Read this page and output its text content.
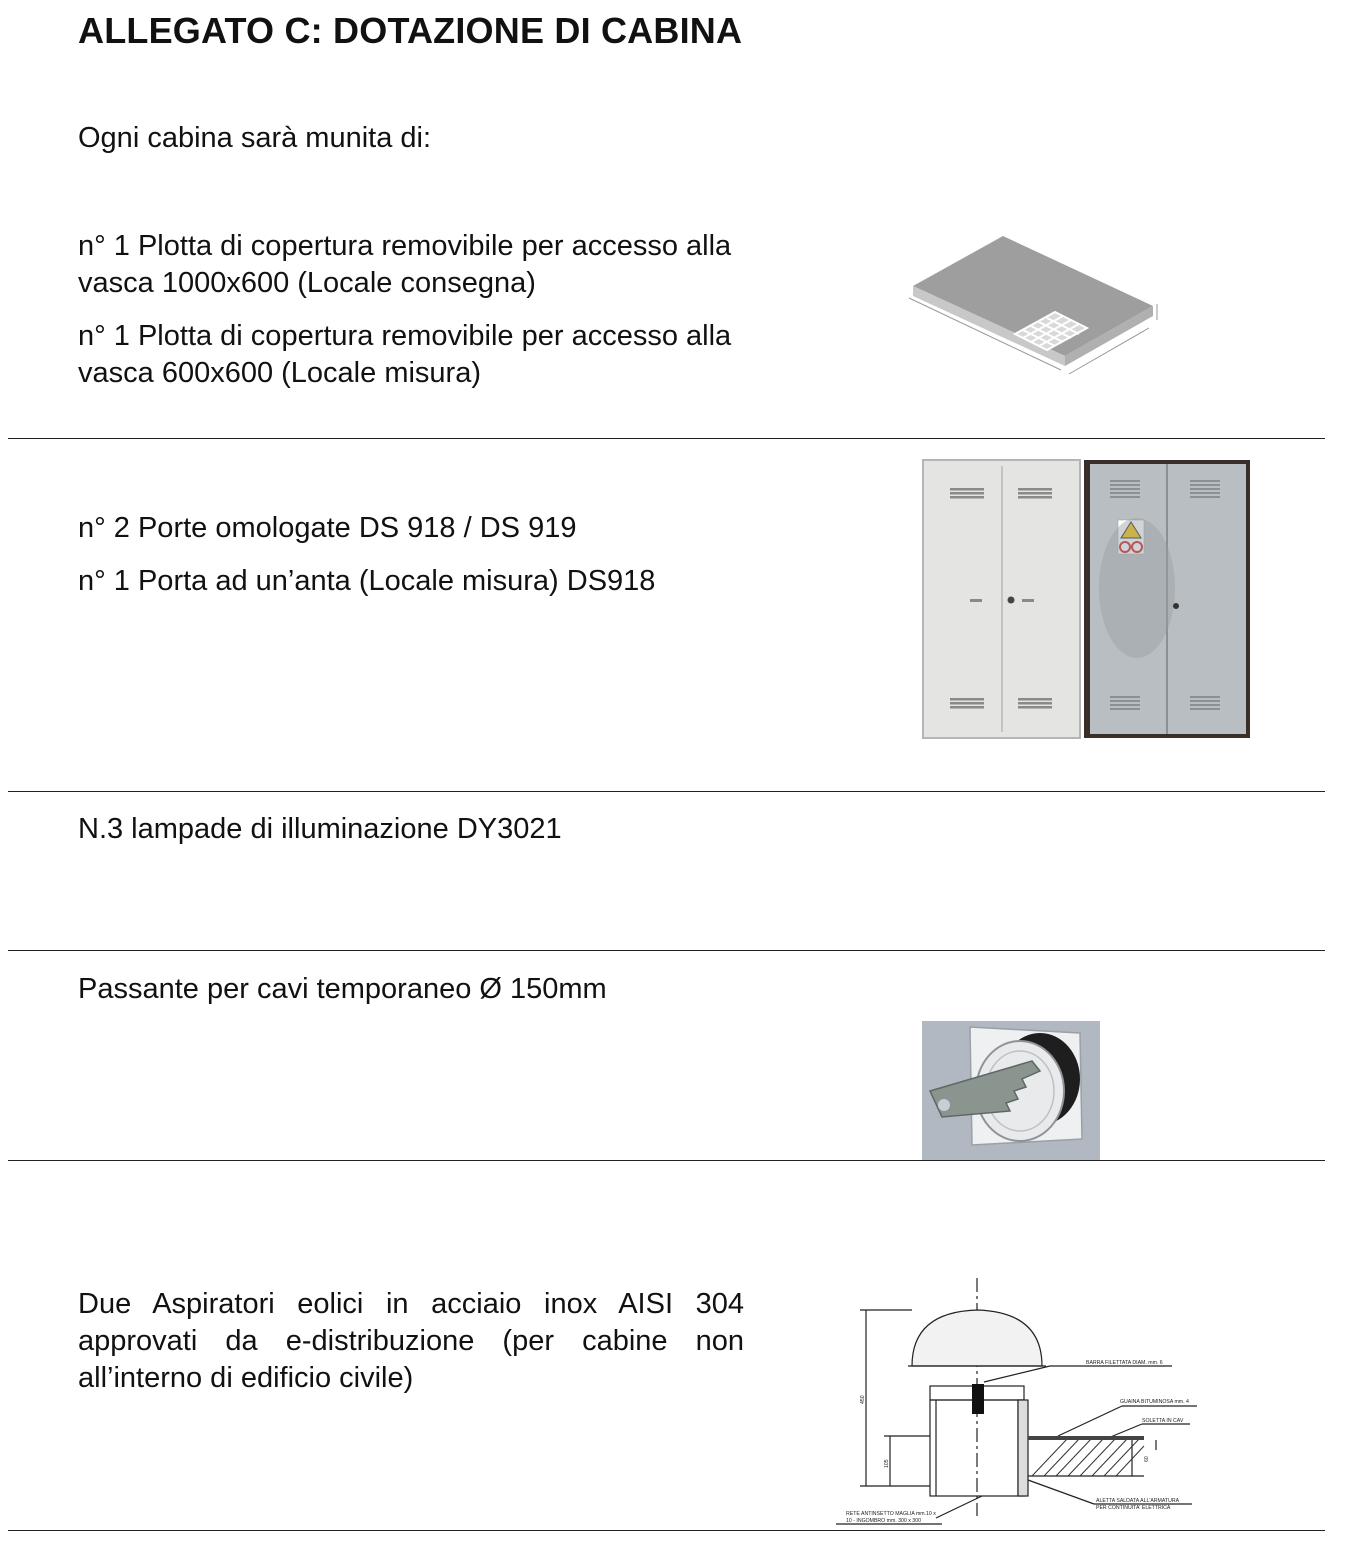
ALLEGATO C: DOTAZIONE DI CABINA
Ogni cabina sarà munita di:
n° 1 Plotta di copertura removibile per accesso alla vasca 1000x600 (Locale consegna)
n° 1 Plotta di copertura removibile per accesso alla vasca 600x600 (Locale misura)
n° 2 Porte omologate DS 918 / DS 919
n° 1 Porta ad un’anta (Locale misura) DS918
N.3 lampade di illuminazione DY3021
Passante per cavi temporaneo Ø 150mm
Due Aspiratori eolici in acciaio inox AISI 304 approvati da e-distribuzione (per cabine non all’interno di edificio civile)	BARRA FILETTATA DIAM. mm. 6
GUAINA BITUMINOSA mm. 4
SOLETTA IN CAV
ALETTA SALDATA ALL'ARMATURA
PER CONTINUITA' ELETTRICA
RETE ANTINSETTO MAGLIA mm.10 x
10 - INGOMBRO mm. 300 x 300
450
105
60
